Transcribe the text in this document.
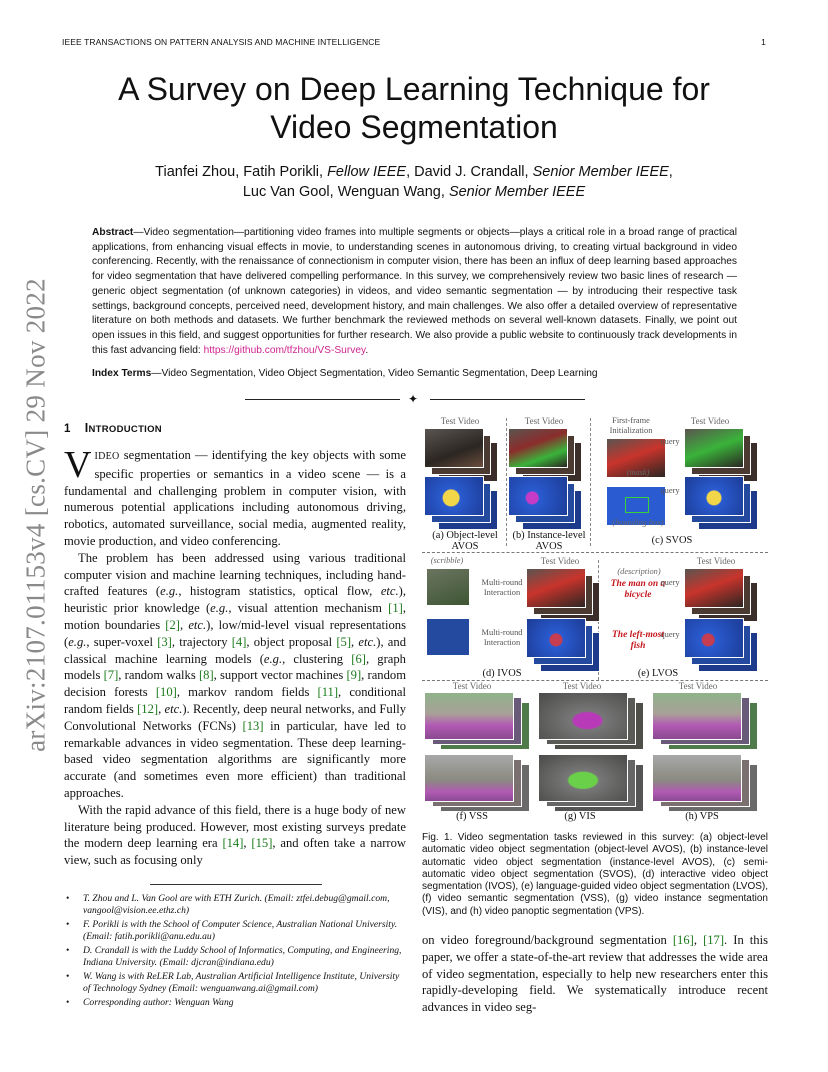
IEEE TRANSACTIONS ON PATTERN ANALYSIS AND MACHINE INTELLIGENCE	1
arXiv:2107.01153v4 [cs.CV] 29 Nov 2022
A Survey on Deep Learning Technique for
Video Segmentation
Tianfei Zhou, Fatih Porikli, Fellow IEEE, David J. Crandall, Senior Member IEEE,
Luc Van Gool, Wenguan Wang, Senior Member IEEE
Abstract—Video segmentation—partitioning video frames into multiple segments or objects—plays a critical role in a broad range of practical applications, from enhancing visual effects in movie, to understanding scenes in autonomous driving, to creating virtual background in video conferencing. Recently, with the renaissance of connectionism in computer vision, there has been an influx of deep learning based approaches for video segmentation that have delivered compelling performance. In this survey, we comprehensively review two basic lines of research — generic object segmentation (of unknown categories) in videos, and video semantic segmentation — by introducing their respective task settings, background concepts, perceived need, development history, and main challenges. We also offer a detailed overview of representative literature on both methods and datasets. We further benchmark the reviewed methods on several well-known datasets. Finally, we point out open issues in this field, and suggest opportunities for further research. We also provide a public website to continuously track developments in this fast advancing field: https://github.com/tfzhou/VS-Survey.
Index Terms—Video Segmentation, Video Object Segmentation, Video Semantic Segmentation, Deep Learning
✦
1 INTRODUCTION

VIDEO segmentation — identifying the key objects with some specific properties or semantics in a video scene — is a fundamental and challenging problem in computer vision, with numerous potential applications including autonomous driving, robotics, automated surveillance, social media, augmented reality, movie production, and video conferencing.

The problem has been addressed using various traditional computer vision and machine learning techniques, including hand-crafted features (e.g., histogram statistics, optical flow, etc.), heuristic prior knowledge (e.g., visual attention mechanism [1], motion boundaries [2], etc.), low/mid-level visual representations (e.g., super-voxel [3], trajectory [4], object proposal [5], etc.), and classical machine learning models (e.g., clustering [6], graph models [7], random walks [8], support vector machines [9], random decision forests [10], markov random fields [11], conditional random fields [12], etc.). Recently, deep neural networks, and Fully Convolutional Networks (FCNs) [13] in particular, have led to remarkable advances in video segmentation. These deep learning-based video segmentation algorithms are significantly more accurate (and sometimes even more efficient) than traditional approaches.

With the rapid advance of this field, there is a huge body of new literature being produced. However, most existing surveys predate the modern deep learning era [14], [15], and often take a narrow view, such as focusing only

• T. Zhou and L. Van Gool are with ETH Zurich. (Email: ztfei.debug@gmail.com, vangool@vision.ee.ethz.ch)
• F. Porikli is with the School of Computer Science, Australian National University. (Email: fatih.porikli@anu.edu.au)
• D. Crandall is with the Luddy School of Informatics, Computing, and Engineering, Indiana University. (Email: djcran@indiana.edu)
• W. Wang is with ReLER Lab, Australian Artificial Intelligence Institute, University of Technology Sydney (Email: wenguanwang.ai@gmail.com)
• Corresponding author: Wenguan Wang
Test Video	Test Video	First-frame Initialization
Test Video
(mask)
(bounding box)
query
query
(a) Object-level AVOS
(b) Instance-level AVOS
(c) SVOS
(scribble)	Test Video
(description)
Test Video
Multi-round Interaction
Multi-round Interaction
The man on a bicycle
The left-most fish
query
query
(d) IVOS	(e) LVOS
Test Video	Test Video	Test Video
(f) VSS	(g) VIS	(h) VPS
Fig. 1. Video segmentation tasks reviewed in this survey: (a) object-level automatic video object segmentation (object-level AVOS), (b) instance-level automatic video object segmentation (instance-level AVOS), (c) semi-automatic video object segmentation (SVOS), (d) interactive video object segmentation (IVOS), (e) language-guided video object segmentation (LVOS), (f) video semantic segmentation (VSS), (g) video instance segmentation (VIS), and (h) video panoptic segmentation (VPS).

on video foreground/background segmentation [16], [17]. In this paper, we offer a state-of-the-art review that addresses the wide area of video segmentation, especially to help new researchers enter this rapidly-developing field. We systematically introduce recent advances in video seg-
